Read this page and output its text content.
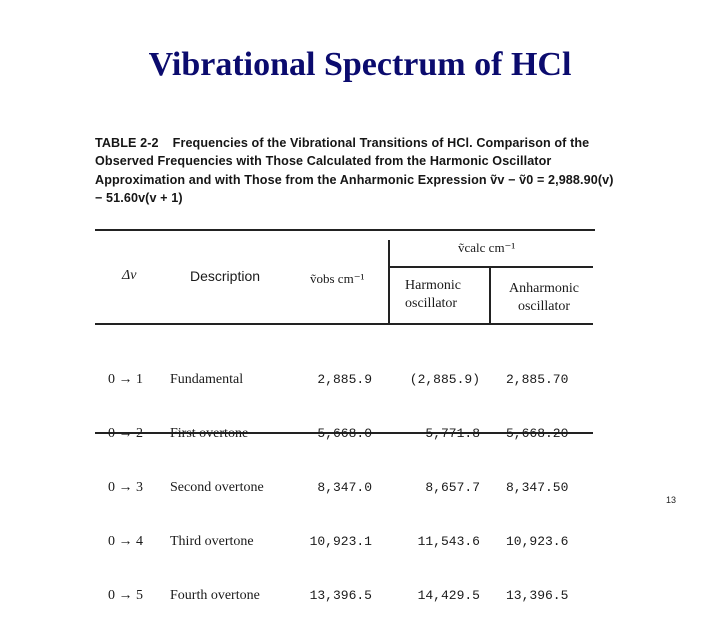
Vibrational Spectrum of HCl
TABLE 2-2 Frequencies of the Vibrational Transitions of HCl. Comparison of the Observed Frequencies with Those Calculated from the Harmonic Oscillator Approximation and with Those from the Anharmonic Expression ṽv − ṽ0 = 2,988.90(v) − 51.60v(v + 1)
Δv	Description	ṽobs cm⁻¹
ṽcalc cm⁻¹
Harmonic oscillator
Anharmonic oscillator

0 → 1

0 → 2

0 → 3

0 → 4

0 → 5

Fundamental

First overtone

Second overtone

Third overtone

Fourth overtone

2,885.9

5,668.0

8,347.0

10,923.1

13,396.5

(2,885.9)

5,771.8

8,657.7

11,543.6

14,429.5

2,885.70

5,668.20

8,347.50

10,923.6

13,396.5

13
